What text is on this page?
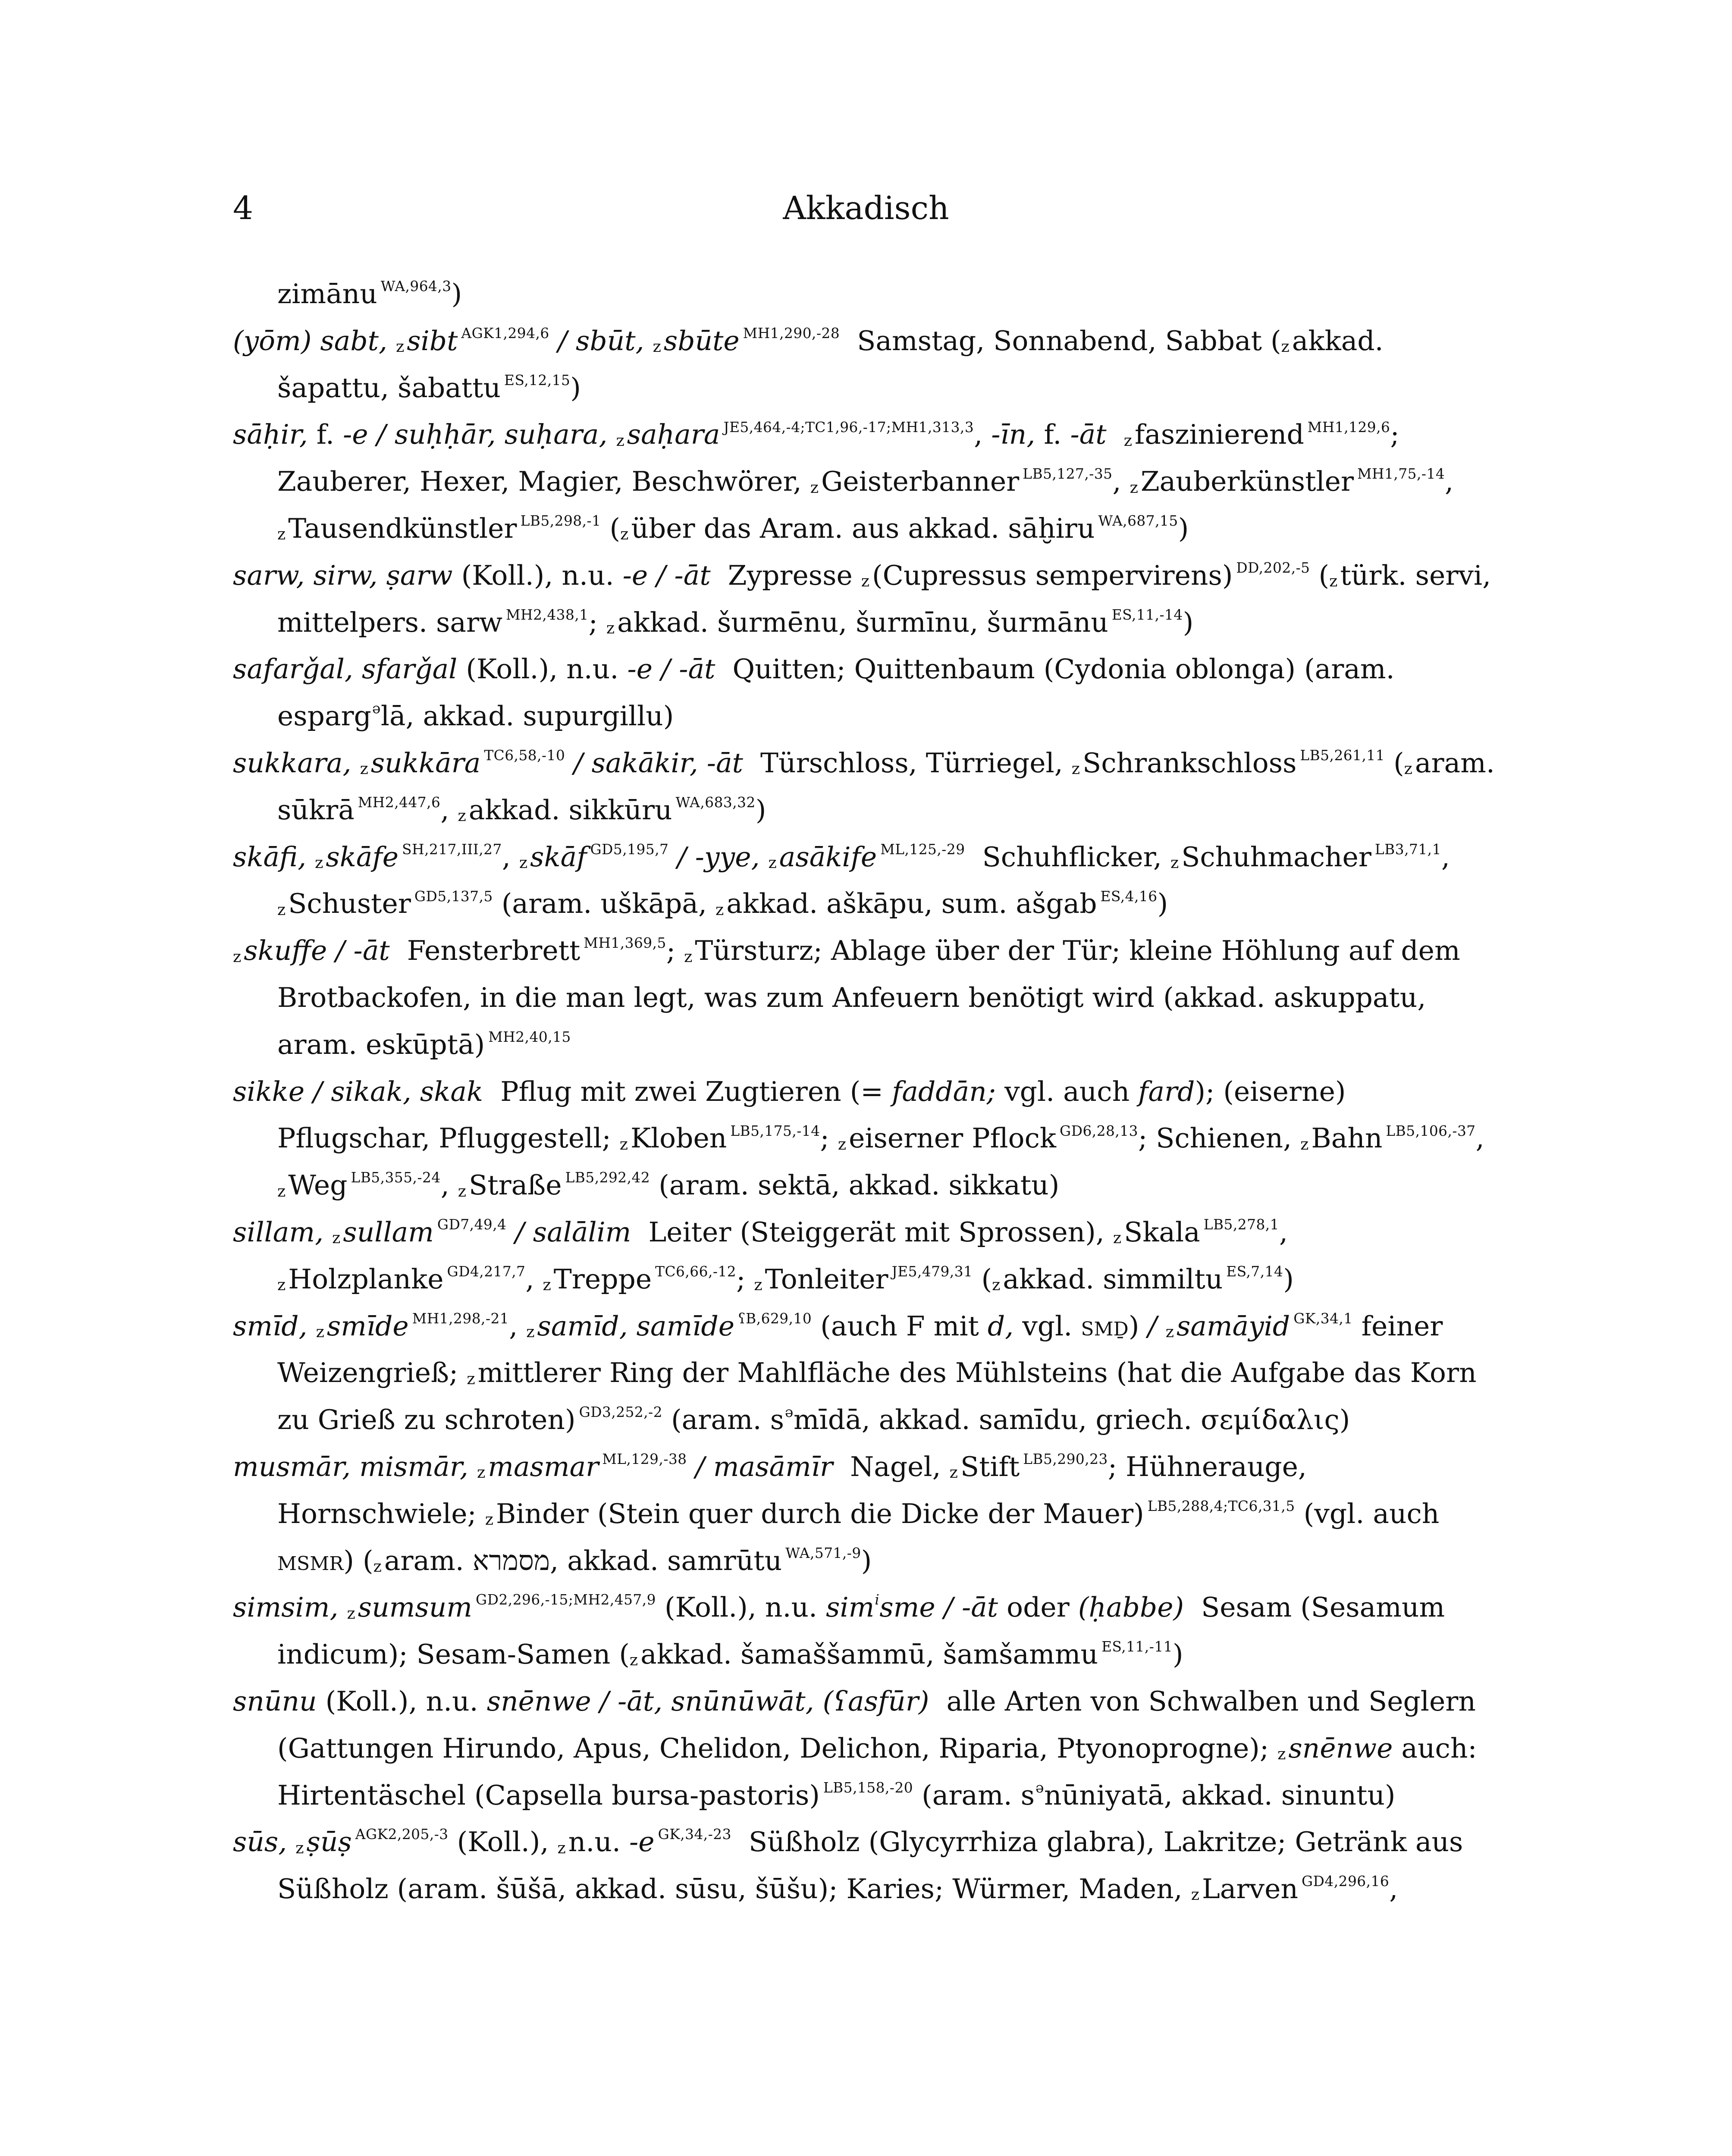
4	Akkadisch

zimānu $^{WA,964,3}$)

(yōm) sabt, $_z$sibt $^{AGK1,294,6}$ / sbūt, $_z$sbūte $^{MH1,290,-28}$  Samstag, Sonnabend, Sabbat ($_zakkad$. šapattu, šabattu $^{ES,12,15}$)

sāḥir, f. -e / suḥḥār, suḥara, $_z$saḥara $^{JE5,464,-4;TC1,96,-17;MH1,313,3}$, -īn, f. -āt $_z$faszinierend $^{MH1,129,6}$; Zauberer, Hexer, Magier, Beschwörer, $_z$Geisterbanner $^{LB5,127,-35}$, $_z$Zauberkünstler $^{MH1,75,-14}$, $_z$Tausendkünstler $^{LB5,298,-1}$ ($_züber$ das Aram. aus akkad. sāḫiru $^{WA,687,15}$)

sarw, sirw, ṣarw (Koll.), n.u. -e / -āt  Zypresse $_z$(Cupressus sempervirens) $^{DD,202,-5}$ ($_ztürk$. servi, mittelpers. sarw $^{MH2,438,1}$; $_z$akkad. šurmēnu, šurmīnu, šurmānu $^{ES,11,-14}$)

safarǧal, sfarǧal (Koll.), n.u. -e / -āt  Quitten; Quittenbaum (Cydonia oblonga) (aram. esparg$^ə$lā, akkad. supurgillu)

sukkara, $_z$sukkāra $^{TC6,58,-10}$ / sakākir, -āt  Türschloss, Türriegel, $_z$Schrankschloss $^{LB5,261,11}$ ($_zaram$. sūkrā $^{MH2,447,6}$, $_z$akkad. sikkūru $^{WA,683,32}$)

skāfi, $_z$skāfe $^{SH,217,III,27}$, $_z$skāf $^{GD5,195,7}$ / -yye, $_z$asākife $^{ML,125,-29}$  Schuhflicker, $_z$Schuhmacher $^{LB3,71,1}$, $_z$Schuster $^{GD5,137,5}$ (aram. uškāpā, $_z$akkad. aškāpu, sum. ašgab $^{ES,4,16}$)

$_z$skuffe / -āt  Fensterbrett $^{MH1,369,5}$; $_z$Türsturz; Ablage über der Tür; kleine Höhlung auf dem Brotbackofen, in die man legt, was zum Anfeuern benötigt wird (akkad. askuppatu, aram. eskūptā) $^{MH2,40,15}$

sikke / sikak, skak  Pflug mit zwei Zugtieren (= faddān; vgl. auch fard); (eiserne) Pflugschar, Pfluggestell; $_z$Kloben $^{LB5,175,-14}$; $_z$eiserner Pflock $^{GD6,28,13}$; Schienen, $_z$Bahn $^{LB5,106,-37}$, $_z$Weg $^{LB5,355,-24}$, $_z$Straße $^{LB5,292,42}$ (aram. sektā, akkad. sikkatu)

sillam, $_z$sullam $^{GD7,49,4}$ / salālim  Leiter (Steiggerät mit Sprossen), $_z$Skala $^{LB5,278,1}$, $_z$Holzplanke $^{GD4,217,7}$, $_z$Treppe $^{TC6,66,-12}$; $_z$Tonleiter $^{JE5,479,31}$ ($_zakkad$. simmiltu $^{ES,7,14}$)

smīd, $_z$smīde $^{MH1,298,-21}$, $_z$samīd, samīde $^{ʕB,629,10}$ (auch F mit d, vgl. smḏ) / $_z$samāyid $^{GK,34,1}$ feiner Weizengrieß; $_z$mittlerer Ring der Mahlfläche des Mühlsteins (hat die Aufgabe das Korn zu Grieß zu schroten) $^{GD3,252,-2}$ (aram. $s^əmīdā$, akkad. samīdu, griech. σεμίδαλις)

musmār, mismār, $_z$masmar $^{ML,129,-38}$ / masāmīr  Nagel, $_z$Stift $^{LB5,290,23}$; Hühnerauge, Hornschwiele; $_z$Binder (Stein quer durch die Dicke der Mauer) $^{LB5,288,4;TC6,31,5}$ (vgl. auch msmr) ($_zaram$. מסמרא, akkad. samrūtu $^{WA,571,-9}$)

simsim, $_z$sumsum $^{GD2,296,-15;MH2,457,9}$ (Koll.), n.u. sim$^i$sme / -āt oder (ḥabbe)  Sesam (Sesamum indicum); Sesam-Samen ($_zakkad$. šamaššammū, šamšammu $^{ES,11,-11}$)

snūnu (Koll.), n.u. snēnwe / -āt, snūnūwāt, (ʕasfūr)  alle Arten von Schwalben und Seglern (Gattungen Hirundo, Apus, Chelidon, Delichon, Riparia, Ptyonoprogne); $_z$snēnwe auch: Hirtentäschel (Capsella bursa-pastoris) $^{LB5,158,-20}$ (aram. $s^ənūniyatā$, akkad. sinuntu)

sūs, $_z$ṣūṣ $^{AGK2,205,-3}$ (Koll.), $_z$n.u. -e $^{GK,34,-23}$  Süßholz (Glycyrrhiza glabra), Lakritze; Getränk aus Süßholz (aram. šūšā, akkad. sūsu, šūšu); Karies; Würmer, Maden, $_z$Larven $^{GD4,296,16}$,
